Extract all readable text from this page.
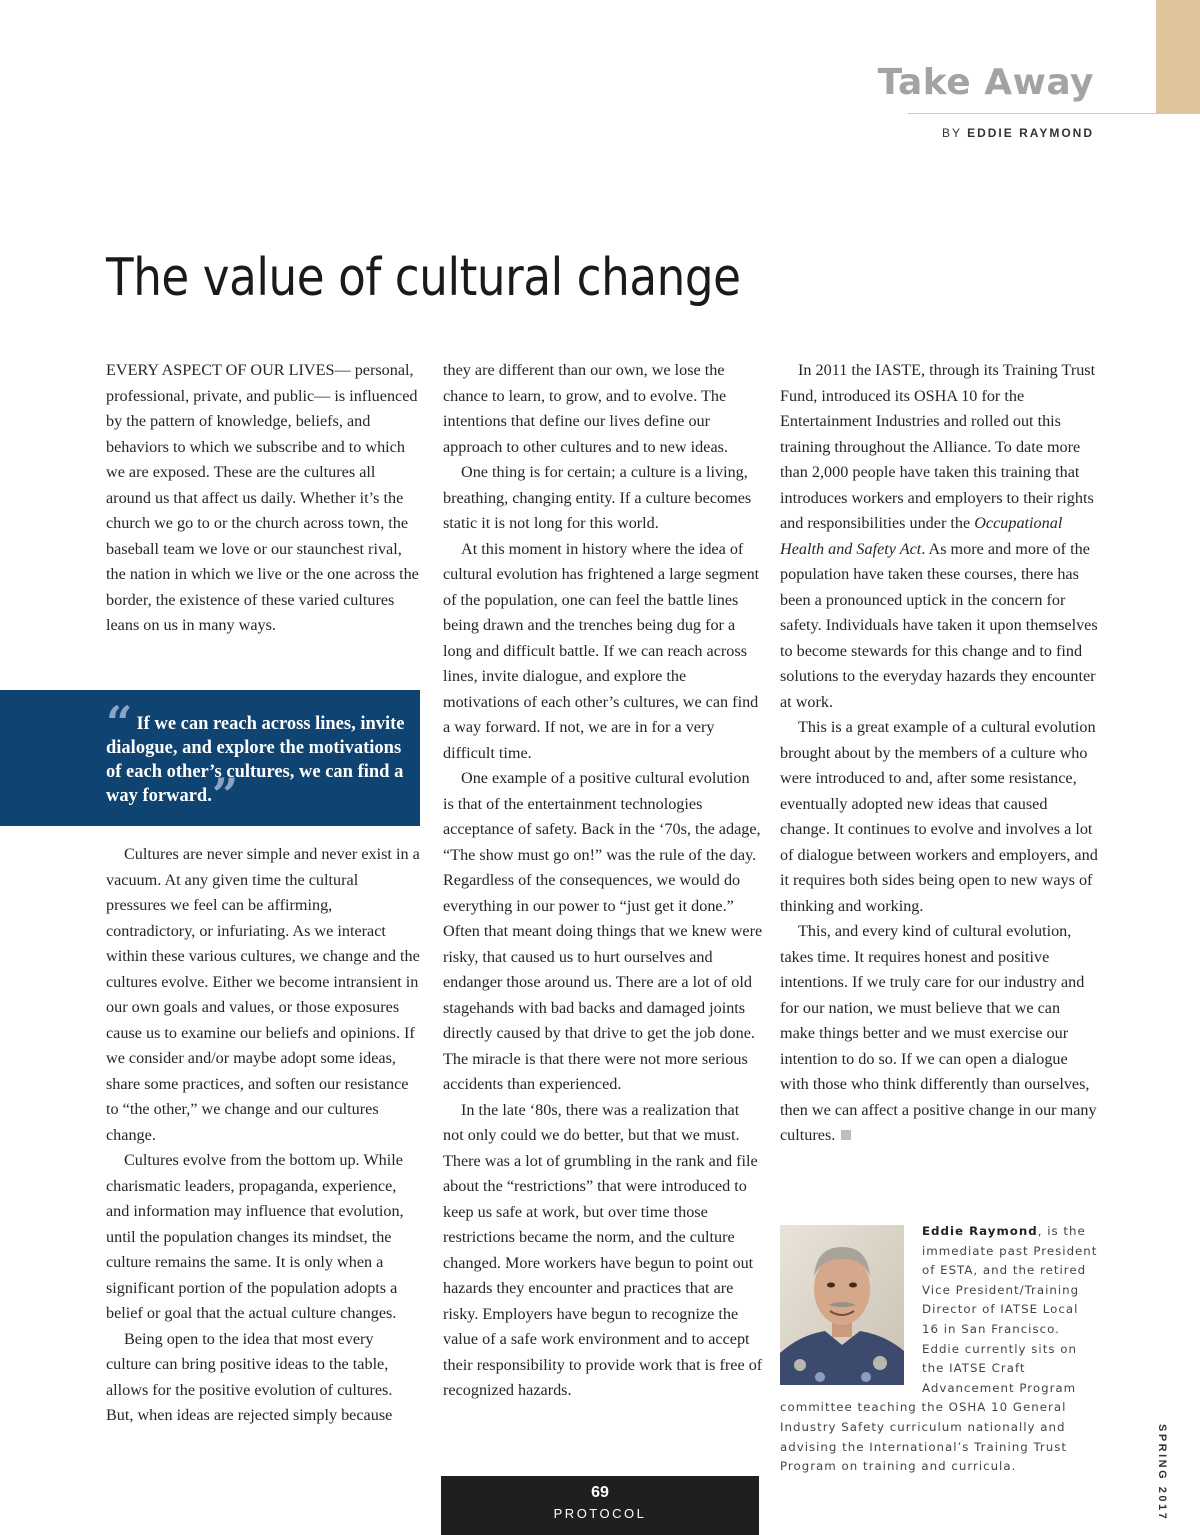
Take Away
BY EDDIE RAYMOND
The value of cultural change

EVERY ASPECT OF OUR LIVES— personal, professional, private, and public— is influenced by the pattern of knowledge, beliefs, and behaviors to which we subscribe and to which we are exposed. These are the cultures all around us that affect us daily. Whether it’s the church we go to or the church across town, the baseball team we love or our staunchest rival, the nation in which we live or the one across the border, the existence of these varied cultures leans on us in many ways.

“ If we can reach across lines, invite dialogue, and explore the motivations of each other’s cultures, we can find a way forward.”

Cultures are never simple and never exist in a vacuum. At any given time the cultural pressures we feel can be affirming, contradictory, or infuriating. As we interact within these various cultures, we change and the cultures evolve. Either we become intransient in our own goals and values, or those exposures cause us to examine our beliefs and opinions. If we consider and/or maybe adopt some ideas, share some practices, and soften our resistance to “the other,” we change and our cultures change.

Cultures evolve from the bottom up. While charismatic leaders, propaganda, experience, and information may influence that evolution, until the population changes its mindset, the culture remains the same. It is only when a significant portion of the population adopts a belief or goal that the actual culture changes.

Being open to the idea that most every culture can bring positive ideas to the table, allows for the positive evolution of cultures. But, when ideas are rejected simply because

they are different than our own, we lose the chance to learn, to grow, and to evolve. The intentions that define our lives define our approach to other cultures and to new ideas.

One thing is for certain; a culture is a living, breathing, changing entity. If a culture becomes static it is not long for this world.

At this moment in history where the idea of cultural evolution has frightened a large segment of the population, one can feel the battle lines being drawn and the trenches being dug for a long and difficult battle. If we can reach across lines, invite dialogue, and explore the motivations of each other’s cultures, we can find a way forward. If not, we are in for a very difficult time.

One example of a positive cultural evolution is that of the entertainment technologies acceptance of safety. Back in the ‘70s, the adage, “The show must go on!” was the rule of the day. Regardless of the consequences, we would do everything in our power to “just get it done.” Often that meant doing things that we knew were risky, that caused us to hurt ourselves and endanger those around us. There are a lot of old stagehands with bad backs and damaged joints directly caused by that drive to get the job done. The miracle is that there were not more serious accidents than experienced.

In the late ‘80s, there was a realization that not only could we do better, but that we must. There was a lot of grumbling in the rank and file about the “restrictions” that were introduced to keep us safe at work, but over time those restrictions became the norm, and the culture changed. More workers have begun to point out hazards they encounter and practices that are risky. Employers have begun to recognize the value of a safe work environment and to accept their responsibility to provide work that is free of recognized hazards.

In 2011 the IASTE, through its Training Trust Fund, introduced its OSHA 10 for the Entertainment Industries and rolled out this training throughout the Alliance. To date more than 2,000 people have taken this training that introduces workers and employers to their rights and responsibilities under the Occupational Health and Safety Act. As more and more of the population have taken these courses, there has been a pronounced uptick in the concern for safety. Individuals have taken it upon themselves to become stewards for this change and to find solutions to the everyday hazards they encounter at work.

This is a great example of a cultural evolution brought about by the members of a culture who were introduced to and, after some resistance, eventually adopted new ideas that caused change. It continues to evolve and involves a lot of dialogue between workers and employers, and it requires both sides being open to new ways of thinking and working.

This, and every kind of cultural evolution, takes time. It requires honest and positive intentions. If we truly care for our industry and for our nation, we must believe that we can make things better and we must exercise our intention to do so. If we can open a dialogue with those who think differently than ourselves, then we can affect a positive change in our many cultures.

Eddie Raymond, is the immediate past President of ESTA, and the retired Vice President/Training Director of IATSE Local 16 in San Francisco. Eddie currently sits on the IATSE Craft Advancement Program committee teaching the OSHA 10 General Industry Safety curriculum nationally and advising the International’s Training Trust Program on training and curricula.
69
PROTOCOL	SPRING 2017
